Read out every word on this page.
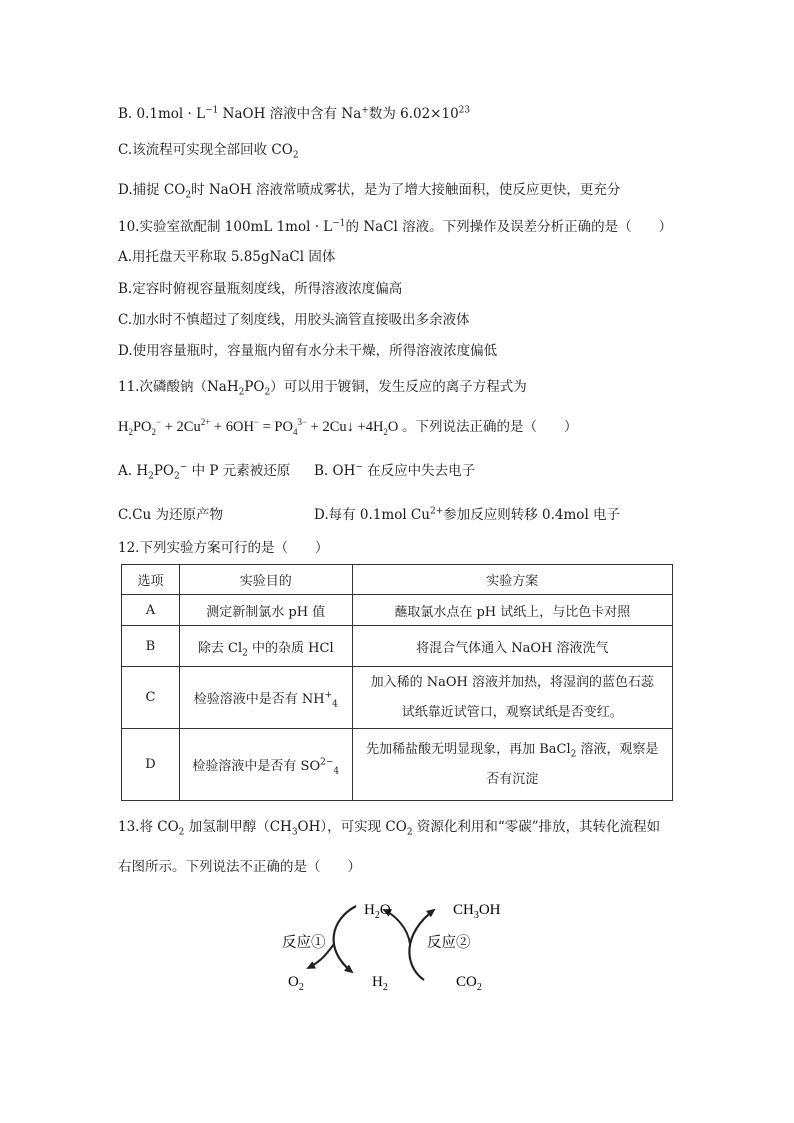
B. $0.1mol \cdot L^{-1}$ NaOH 溶液中含有 Na+数为 $6.02\times 10^{23}$
C.该流程可实现全部回收 $CO_2$
D.捕捉 $CO_2$时 NaOH 溶液常喷成雾状，是为了增大接触面积，使反应更快，更充分
10.实验室欲配制 100mL $1mol \cdot L^{-1}$的 NaCl 溶液。下列操作及误差分析正确的是（　　）
A.用托盘天平称取 5.85gNaCl 固体
B.定容时俯视容量瓶刻度线，所得溶液浓度偏高
C.加水时不慎超过了刻度线，用胶头滴管直接吸出多余液体
D.使用容量瓶时，容量瓶内留有水分未干燥，所得溶液浓度偏低
11.次磷酸钠$(NaH_2PO_2)$可以用于镀铜，发生反应的离子方程式为
$H_2PO_2^- + 2Cu^{2+} + 6OH^- = PO_4^{3-}$ + 2Cu↓ $+4H_2O$ 。下列说法正确的是（　　）
A. $H_2PO_2^-$ 中 P 元素被还原 B. OH− 在反应中失去电子
C.Cu 为还原产物	D.每有 0.1mol $Cu^{2+}$参加反应则转移 0.4mol 电子
12.下列实验方案可行的是（　　）
选项	实验目的	实验方案
A	测定新制氯水 pH 值	蘸取氯水点在 pH 试纸上，与比色卡对照
B	除去 $Cl_2$ 中的杂质 HCl	将混合气体通入 NaOH 溶液洗气
C	检验溶液中是否有 $NH^+_4$	加入稀的 NaOH 溶液并加热，将湿润的蓝色石蕊
试纸靠近试管口，观察试纸是否变红。

D	检验溶液中是否有 $SO^{2-}_4$	先加稀盐酸无明显现象，再加 BaCl$_2$ 溶液，观察是
否有沉淀
13.将 $CO_2$ 加氢制甲醇$(CH_3OH)$，可实现 $CO_2$ 资源化利用和“零碳”排放，其转化流程如
右图所示。下列说法不正确的是（　　）
$H_2O$	$CH_3OH$
反应①	反应②
$O_2$	$H_2$	$CO_2$
